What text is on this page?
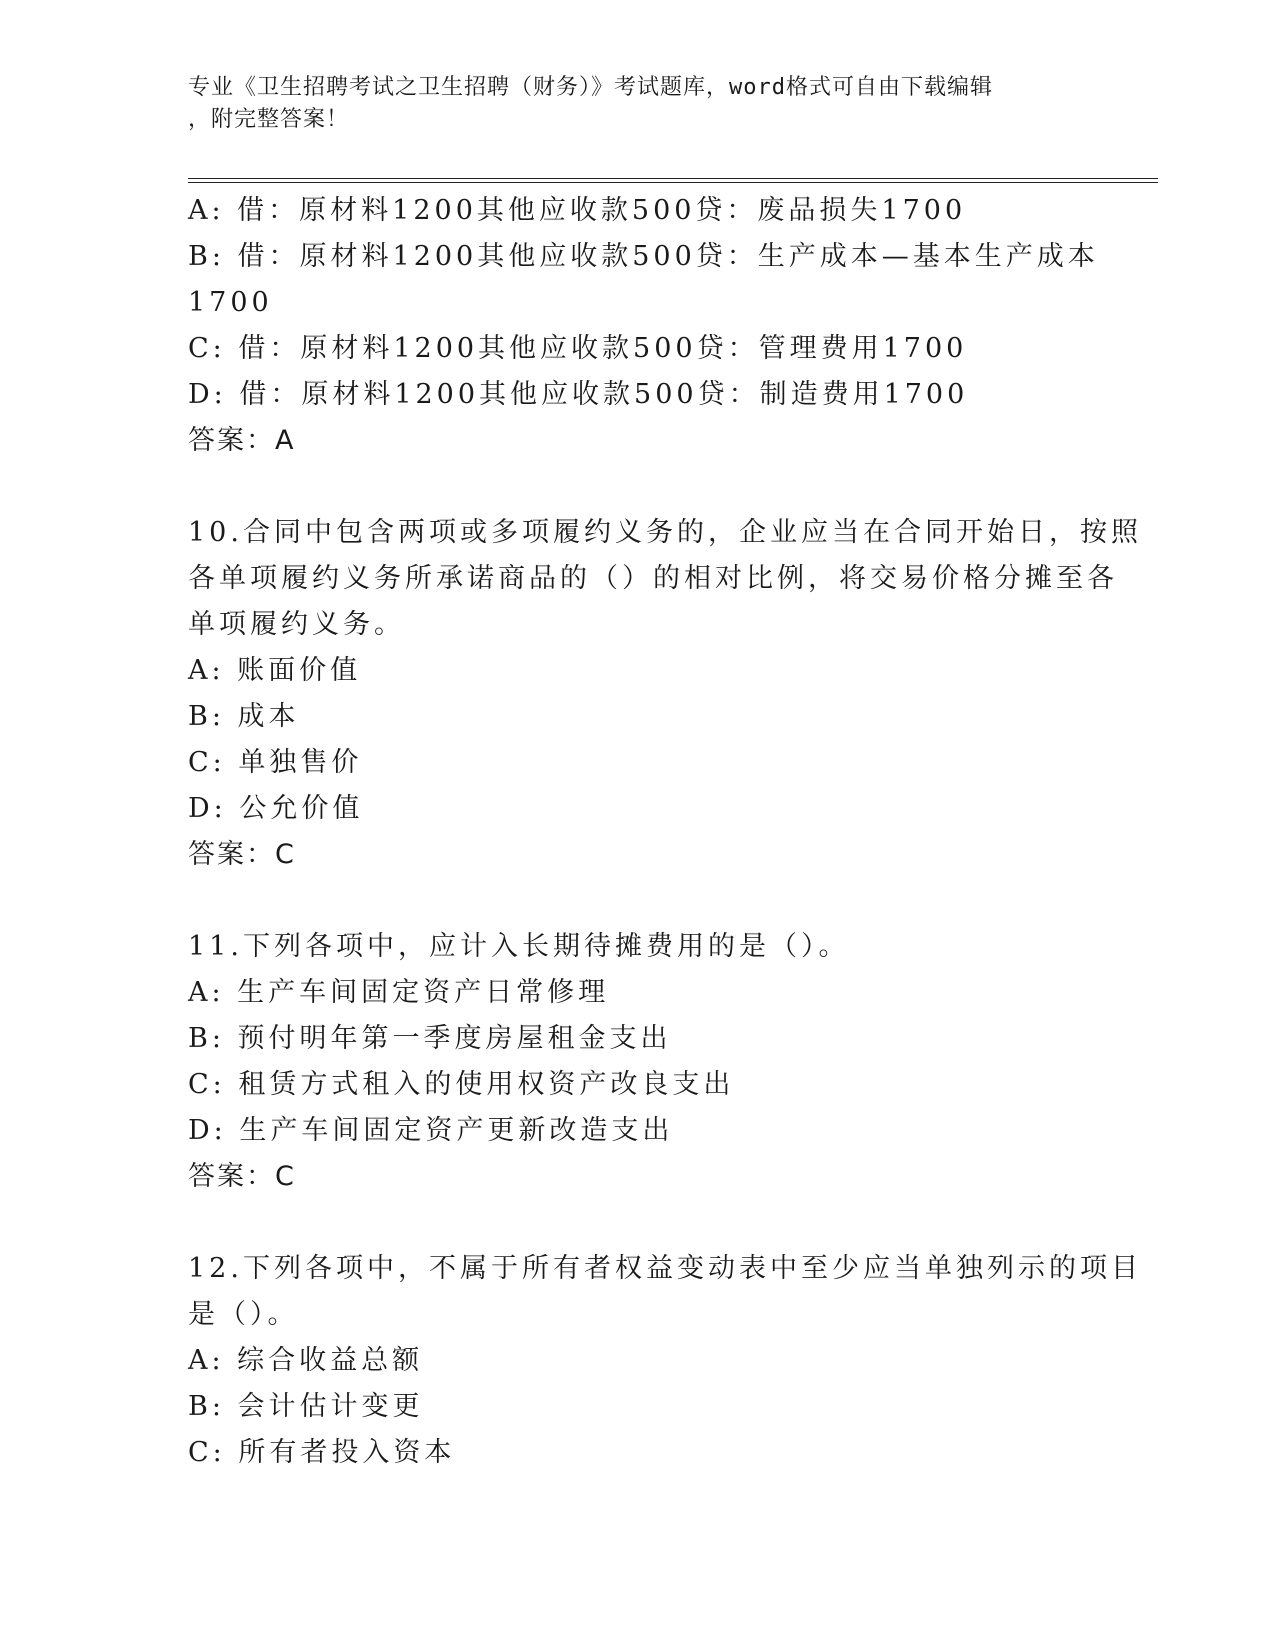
专业《卫生招聘考试之卫生招聘（财务）》考试题库，word格式可自由下载编辑
，附完整答案！
A: 借：原材料1200其他应收款500贷：废品损失1700
B: 借：原材料1200其他应收款500贷：生产成本—基本生产成本
1700
C: 借：原材料1200其他应收款500贷：管理费用1700
D: 借：原材料1200其他应收款500贷：制造费用1700
答案：A
10.合同中包含两项或多项履约义务的，企业应当在合同开始日，按照
各单项履约义务所承诺商品的（）的相对比例，将交易价格分摊至各
单项履约义务。
A: 账面价值
B: 成本
C: 单独售价
D: 公允价值
答案：C
11.下列各项中，应计入长期待摊费用的是（）。
A: 生产车间固定资产日常修理
B: 预付明年第一季度房屋租金支出
C: 租赁方式租入的使用权资产改良支出
D: 生产车间固定资产更新改造支出
答案：C
12.下列各项中，不属于所有者权益变动表中至少应当单独列示的项目
是（）。
A: 综合收益总额
B: 会计估计变更
C: 所有者投入资本
